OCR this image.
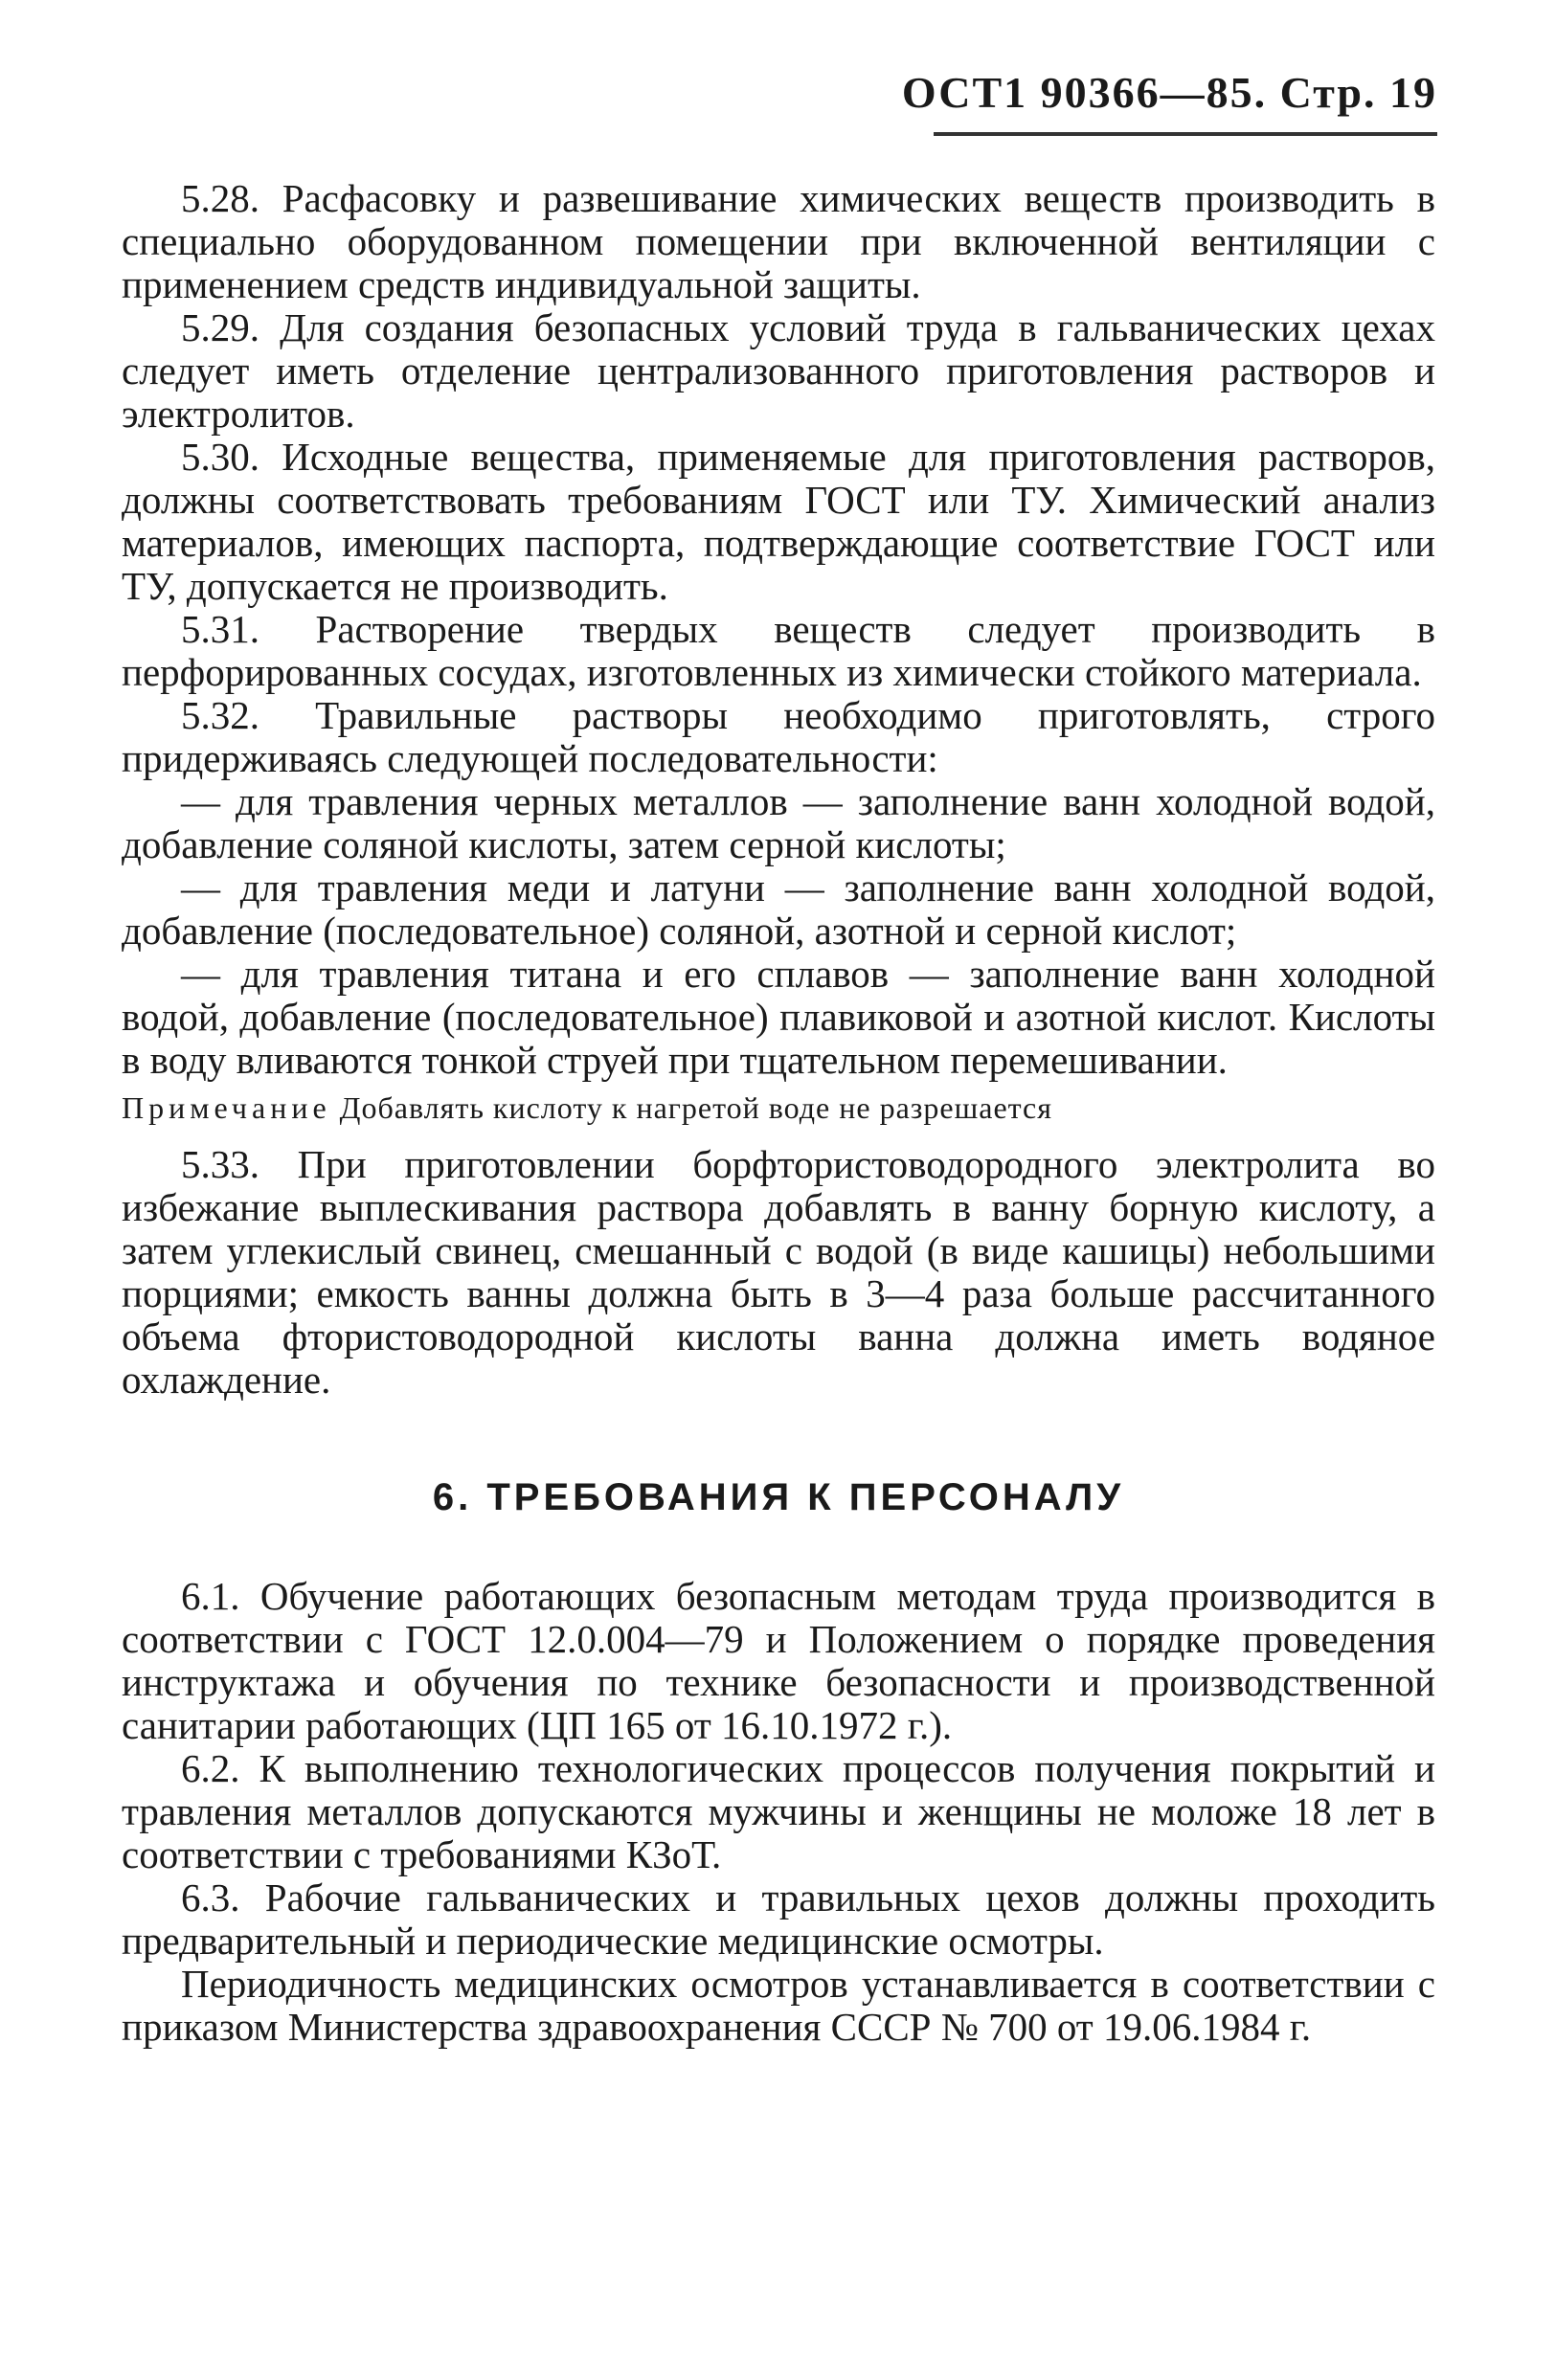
ОСТ1 90366—85. Стр. 19

5.28. Расфасовку и развешивание химических веществ производить в специально оборудованном помещении при включенной вентиляции с применением средств индивидуальной защиты.

5.29. Для создания безопасных условий труда в гальванических цехах следует иметь отделение централизованного приготовления растворов и электролитов.

5.30. Исходные вещества, применяемые для приготовления растворов, должны соответствовать требованиям ГОСТ или ТУ. Химический анализ материалов, имеющих паспорта, подтверждающие соответствие ГОСТ или ТУ, допускается не производить.

5.31. Растворение твердых веществ следует производить в перфорированных сосудах, изготовленных из химически стойкого материала.

5.32. Травильные растворы необходимо приготовлять, строго придерживаясь следующей последовательности:

— для травления черных металлов — заполнение ванн холодной водой, добавление соляной кислоты, затем серной кислоты;

— для травления меди и латуни — заполнение ванн холодной водой, добавление (последовательное) соляной, азотной и серной кислот;

— для травления титана и его сплавов — заполнение ванн холодной водой, добавление (последовательное) плавиковой и азотной кислот. Кислоты в воду вливаются тонкой струей при тщательном перемешивании.

Примечание Добавлять кислоту к нагретой воде не разрешается

5.33. При приготовлении борфтористоводородного электролита во избежание выплескивания раствора добавлять в ванну борную кислоту, а затем углекислый свинец, смешанный с водой (в виде кашицы) небольшими порциями; емкость ванны должна быть в 3—4 раза больше рассчитанного объема фтористоводородной кислоты ванна должна иметь водяное охлаждение.

6. ТРЕБОВАНИЯ К ПЕРСОНАЛУ

6.1. Обучение работающих безопасным методам труда производится в соответствии с ГОСТ 12.0.004—79 и Положением о порядке проведения инструктажа и обучения по технике безопасности и производственной санитарии работающих (ЦП 165 от 16.10.1972 г.).

6.2. К выполнению технологических процессов получения покрытий и травления металлов допускаются мужчины и женщины не моложе 18 лет в соответствии с требованиями КЗоТ.

6.3. Рабочие гальванических и травильных цехов должны проходить предварительный и периодические медицинские осмотры.

Периодичность медицинских осмотров устанавливается в соответствии с приказом Министерства здравоохранения СССР № 700 от 19.06.1984 г.
